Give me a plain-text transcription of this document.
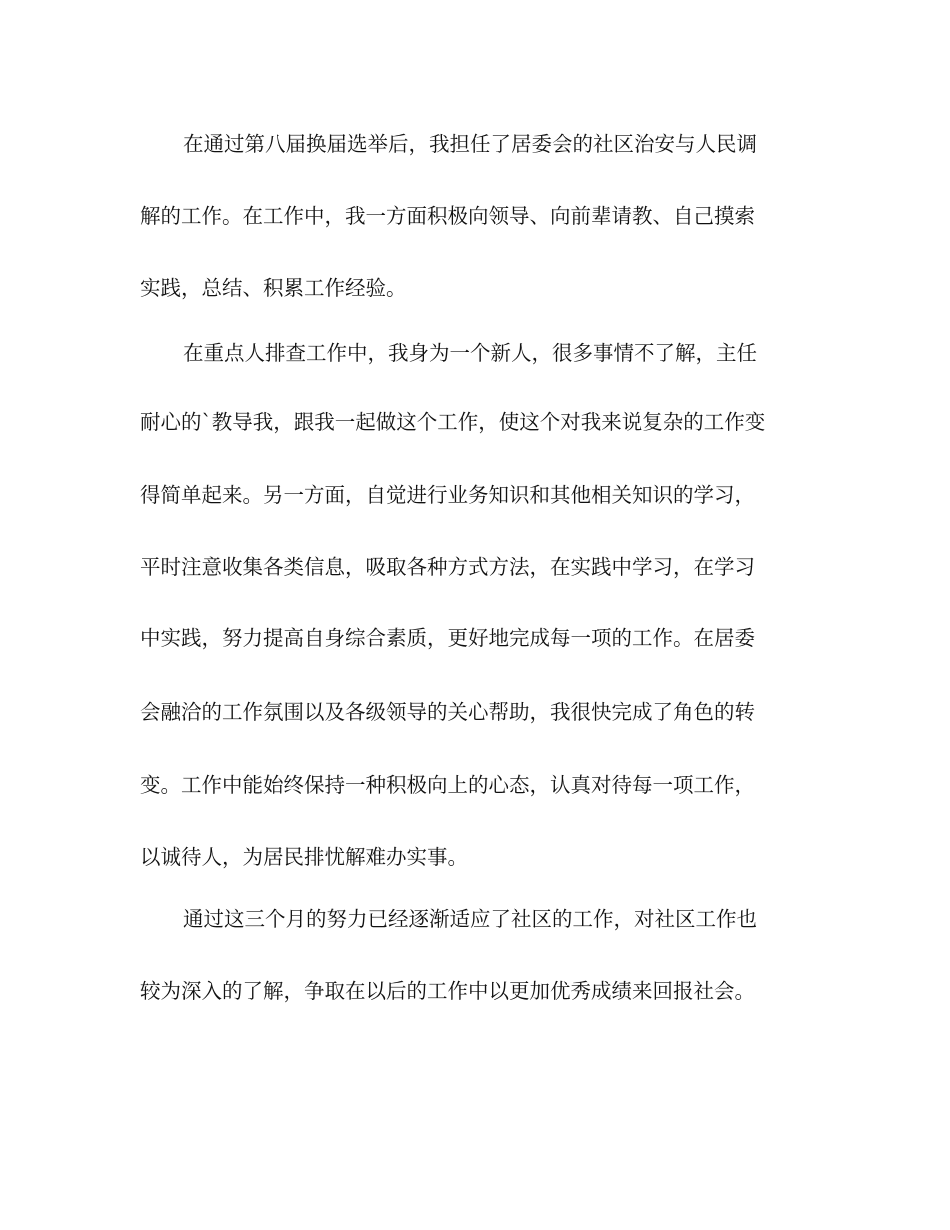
在通过第八届换届选举后，我担任了居委会的社区治安与人民调
解的工作。在工作中，我一方面积极向领导、向前辈请教、自己摸索
实践，总结、积累工作经验。
在重点人排查工作中，我身为一个新人，很多事情不了解，主任
耐心的`教导我，跟我一起做这个工作，使这个对我来说复杂的工作变
得简单起来。另一方面，自觉进行业务知识和其他相关知识的学习，
平时注意收集各类信息，吸取各种方式方法，在实践中学习，在学习
中实践，努力提高自身综合素质，更好地完成每一项的工作。在居委
会融洽的工作氛围以及各级领导的关心帮助，我很快完成了角色的转
变。工作中能始终保持一种积极向上的心态，认真对待每一项工作，
以诚待人，为居民排忧解难办实事。
通过这三个月的努力已经逐渐适应了社区的工作，对社区工作也
较为深入的了解，争取在以后的工作中以更加优秀成绩来回报社会。
